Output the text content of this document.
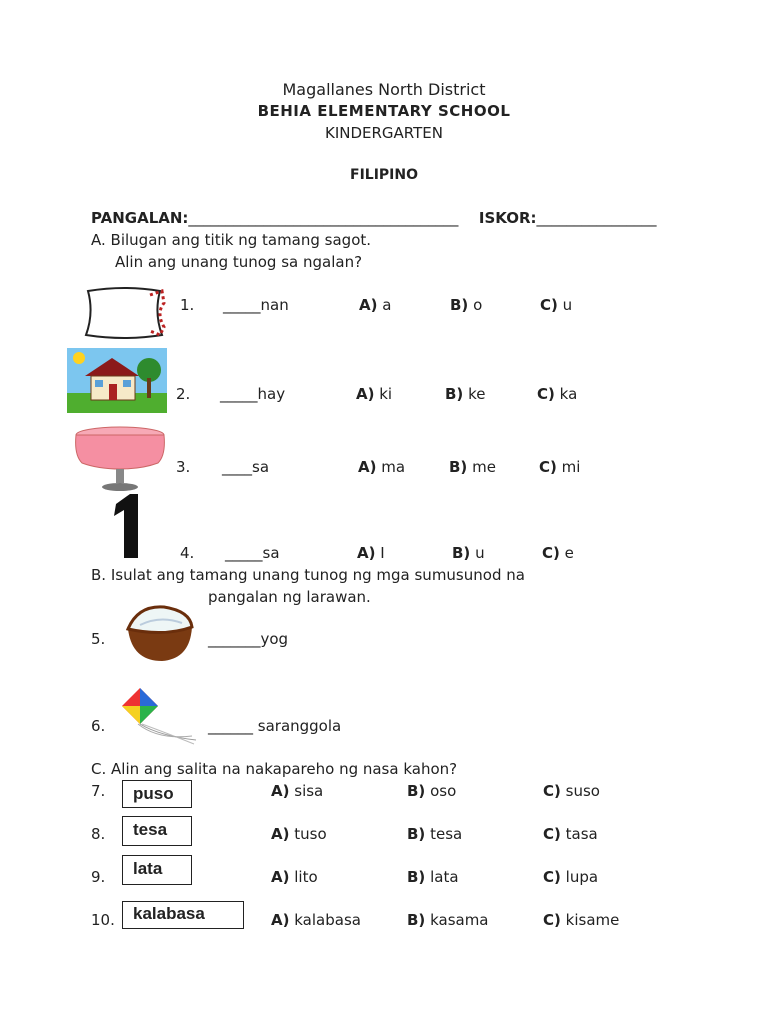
Magallanes North District
BEHIA ELEMENTARY SCHOOL
KINDERGARTEN
FILIPINO
PANGALAN:____________________________________ ISKOR:________________
A. Bilugan ang titik ng tamang sagot.
Alin ang unang tunog sa ngalan?
1. _____nan	A) a	B) o	C) u
2. _____hay	A) ki	B) ke	C) ka
3. ____sa	A) ma	B) me	C) mi
4. _____sa	A) I	B) u	C) e
B. Isulat ang tamang unang tunog ng mga sumusunod na
pangalan ng larawan.
5.	_______yog
6.	______ saranggola
C. Alin ang salita na nakapareho ng nasa kahon?
7.	puso	A) sisa	B) oso	C) suso
8.	tesa	A) tuso	B) tesa	C) tasa
9.	lata	A) lito	B) lata	C) lupa
10.	kalabasa	A) kalabasa	B) kasama	C) kisame
